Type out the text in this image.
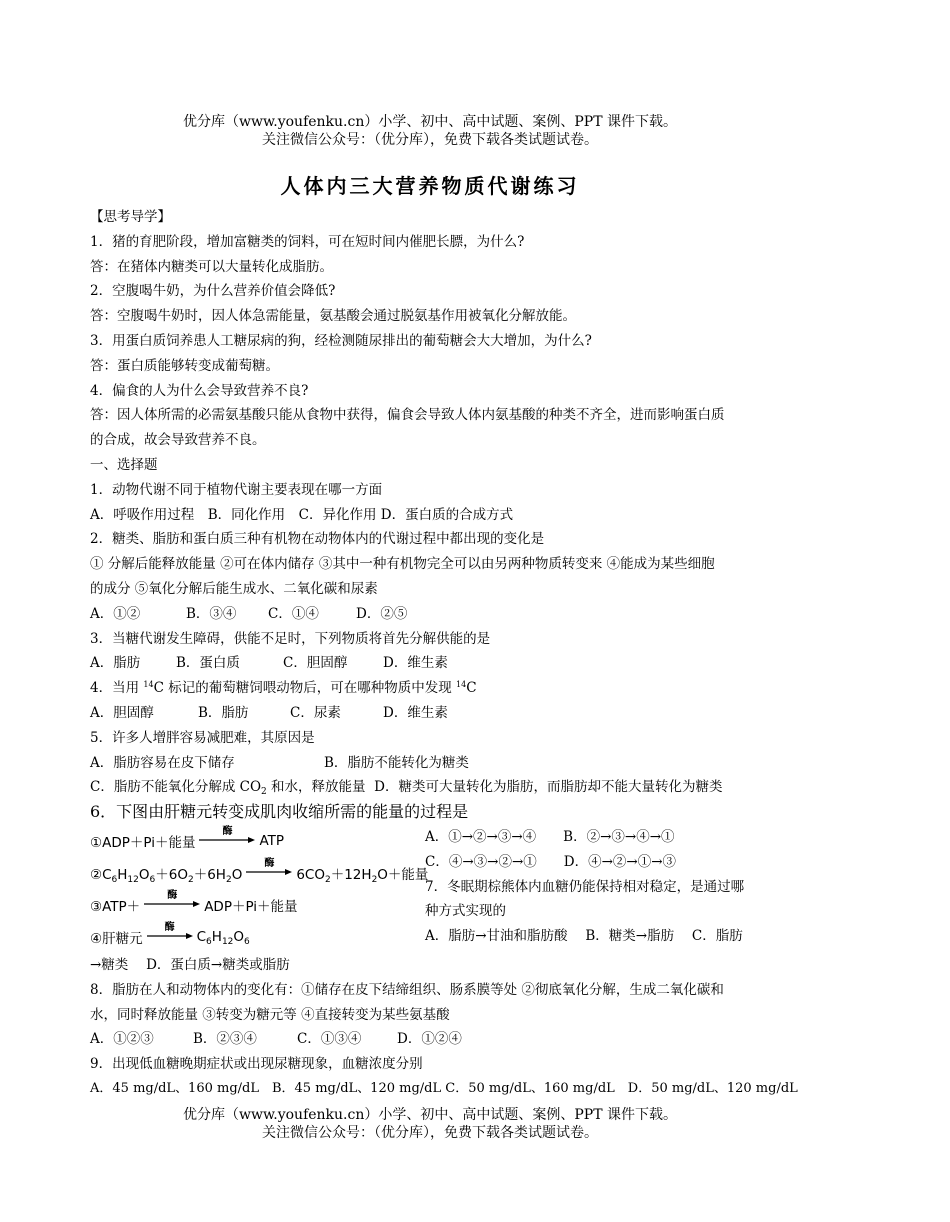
优分库（www.youfenku.cn）小学、初中、高中试题、案例、PPT 课件下载。
关注微信公众号：（优分库），免费下载各类试题试卷。
人体内三大营养物质代谢练习
【思考导学】
1．猪的育肥阶段，增加富糖类的饲料，可在短时间内催肥长膘，为什么?
答：在猪体内糖类可以大量转化成脂肪。
2．空腹喝牛奶，为什么营养价值会降低?
答：空腹喝牛奶时，因人体急需能量，氨基酸会通过脱氨基作用被氧化分解放能。
3．用蛋白质饲养患人工糖尿病的狗，经检测随尿排出的葡萄糖会大大增加，为什么?
答：蛋白质能够转变成葡萄糖。
4．偏食的人为什么会导致营养不良?
答：因人体所需的必需氨基酸只能从食物中获得，偏食会导致人体内氨基酸的种类不齐全，进而影响蛋白质
的合成，故会导致营养不良。
一、选择题
1．动物代谢不同于植物代谢主要表现在哪一方面
A．呼吸作用过程　B．同化作用　C．异化作用 D．蛋白质的合成方式
2．糖类、脂肪和蛋白质三种有机物在动物体内的代谢过程中都出现的变化是
① 分解后能释放能量 ②可在体内储存 ③其中一种有机物完全可以由另两种物质转变来 ④能成为某些细胞
的成分 ⑤氧化分解后能生成水、二氧化碳和尿素
A．①②	B．③④ C．①④	D．②⑤
3．当糖代谢发生障碍，供能不足时，下列物质将首先分解供能的是
A．脂肪	B．蛋白质	C．胆固醇	D．维生素
4．当用 $^{14}$C 标记的葡萄糖饲喂动物后，可在哪种物质中发现 $^{14}$C
A．胆固醇	B．脂肪	C．尿素	D．维生素
5．许多人增胖容易减肥难，其原因是
A．脂肪容易在皮下储存	B．脂肪不能转化为糖类
C．脂肪不能氧化分解成 $CO_2$ 和水，释放能量 D．糖类可大量转化为脂肪，而脂肪却不能大量转化为糖类
6．下图由肝糖元转变成肌肉收缩所需的能量的过程是
①ADP＋Pi＋能量
酶
ATP
$②C_6H_{12}O_6+6O_2+6H_2O$
酶
$6CO_2+12H_2O+$能量
③ATP＋
酶
ADP＋Pi＋能量
④肝糖元
酶
$C_6H_{12}O_6$
A．①→②→③→④　　B．②→③→④→①
C．④→③→②→①　　D．④→②→①→③
7．冬眠期棕熊体内血糖仍能保持相对稳定，是通过哪
种方式实现的
A．脂肪→甘油和脂肪酸　 B．糖类→脂肪　 C．脂肪
→糖类　 D．蛋白质→糖类或脂肪
8．脂肪在人和动物体内的变化有：①储存在皮下结缔组织、肠系膜等处 ②彻底氧化分解，生成二氧化碳和
水，同时释放能量 ③转变为糖元等 ④直接转变为某些氨基酸
A．①②③	B．②③④	C．①③④	D．①②④
9．出现低血糖晚期症状或出现尿糖现象，血糖浓度分别
A．45 mg/dL、160 mg/dL　B．45 mg/dL、120 mg/dL C．50 mg/dL、160 mg/dL　D．50 mg/dL、120 mg/dL
优分库（www.youfenku.cn）小学、初中、高中试题、案例、PPT 课件下载。
关注微信公众号：（优分库），免费下载各类试题试卷。
